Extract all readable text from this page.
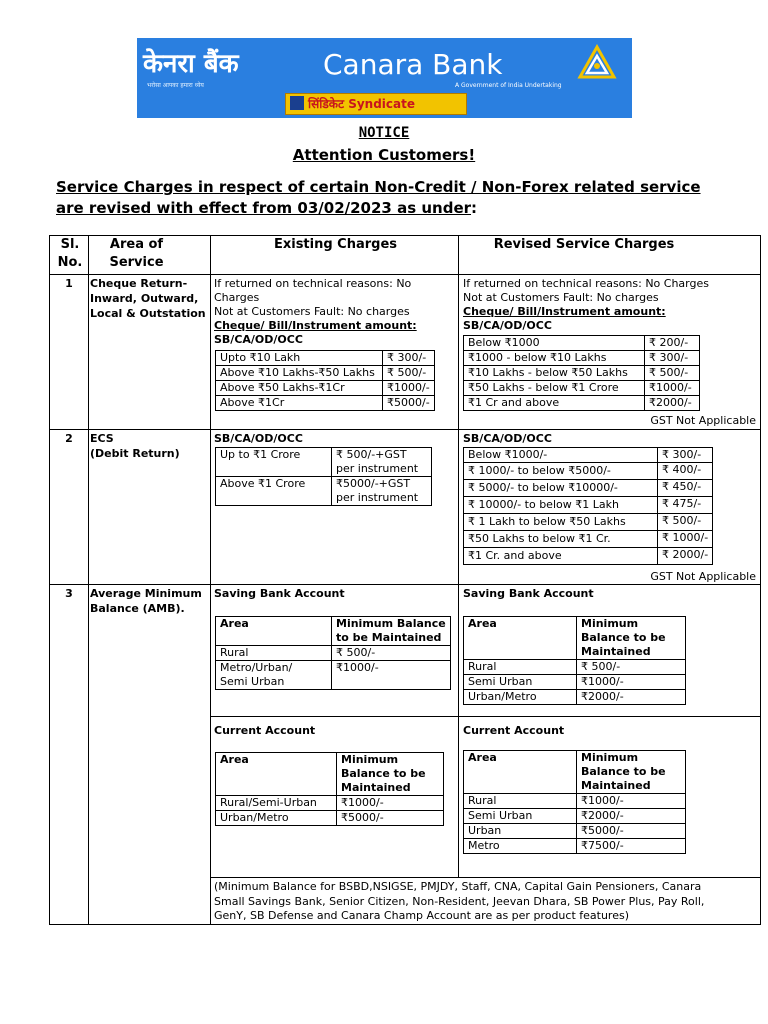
केनरा बैंक
भरोसा आपका हमारा ध्येय
Canara Bank
A Government of India Undertaking
सिंडिकेट Syndicate
NOTICE
Attention Customers!
Service Charges in respect of certain Non-Credit / Non-Forex related service
are revised with effect from 03/02/2023 as under:
Sl.
No.
Area of
Service
Existing Charges	Revised Service Charges
1	Cheque Return-
Inward, Outward,
Local & Outstation
If returned on technical reasons: No
Charges
Not at Customers Fault: No charges
Cheque/ Bill/Instrument amount:
SB/CA/OD/OCC
Upto ₹10 Lakh	₹ 300/-
Above ₹10 Lakhs-₹50 Lakhs	₹ 500/-
Above ₹50 Lakhs-₹1Cr	₹1000/-
Above ₹1Cr	₹5000/-
If returned on technical reasons: No Charges
Not at Customers Fault: No charges
Cheque/ Bill/Instrument amount:
SB/CA/OD/OCC
Below ₹1000	₹ 200/-
₹1000 - below ₹10 Lakhs	₹ 300/-
₹10 Lakhs - below ₹50 Lakhs	₹ 500/-
₹50 Lakhs - below ₹1 Crore	₹1000/-
₹1 Cr and above	₹2000/-
GST Not Applicable
2	ECS
(Debit Return)
SB/CA/OD/OCC
Up to ₹1 Crore	₹ 500/-+GST
per instrument

Above ₹1 Crore	₹5000/-+GST
per instrument
SB/CA/OD/OCC
Below ₹1000/-	₹ 300/-
₹ 1000/- to below ₹5000/-	₹ 400/-
₹ 5000/- to below ₹10000/-	₹ 450/-
₹ 10000/- to below ₹1 Lakh	₹ 475/-
₹ 1 Lakh to below ₹50 Lakhs	₹ 500/-
₹50 Lakhs to below ₹1 Cr.	₹ 1000/-
₹1 Cr. and above	₹ 2000/-
GST Not Applicable
3	Average Minimum
Balance (AMB).
Saving Bank Account
Area	Minimum Balance
to be Maintained

Rural	₹ 500/-

Metro/Urban/
Semi Urban	₹1000/-
Saving Bank Account
Area	Minimum
Balance to be
Maintained

Rural	₹ 500/-
Semi Urban	₹1000/-
Urban/Metro	₹2000/-
Current Account
Area	Minimum
Balance to be
Maintained

Rural/Semi-Urban	₹1000/-
Urban/Metro	₹5000/-
Current Account
Area	Minimum
Balance to be
Maintained

Rural	₹1000/-
Semi Urban	₹2000/-
Urban	₹5000/-
Metro	₹7500/-
(Minimum Balance for BSBD,NSIGSE, PMJDY, Staff, CNA, Capital Gain Pensioners, Canara
Small Savings Bank, Senior Citizen, Non-Resident, Jeevan Dhara, SB Power Plus, Pay Roll,
GenY, SB Defense and Canara Champ Account are as per product features)
